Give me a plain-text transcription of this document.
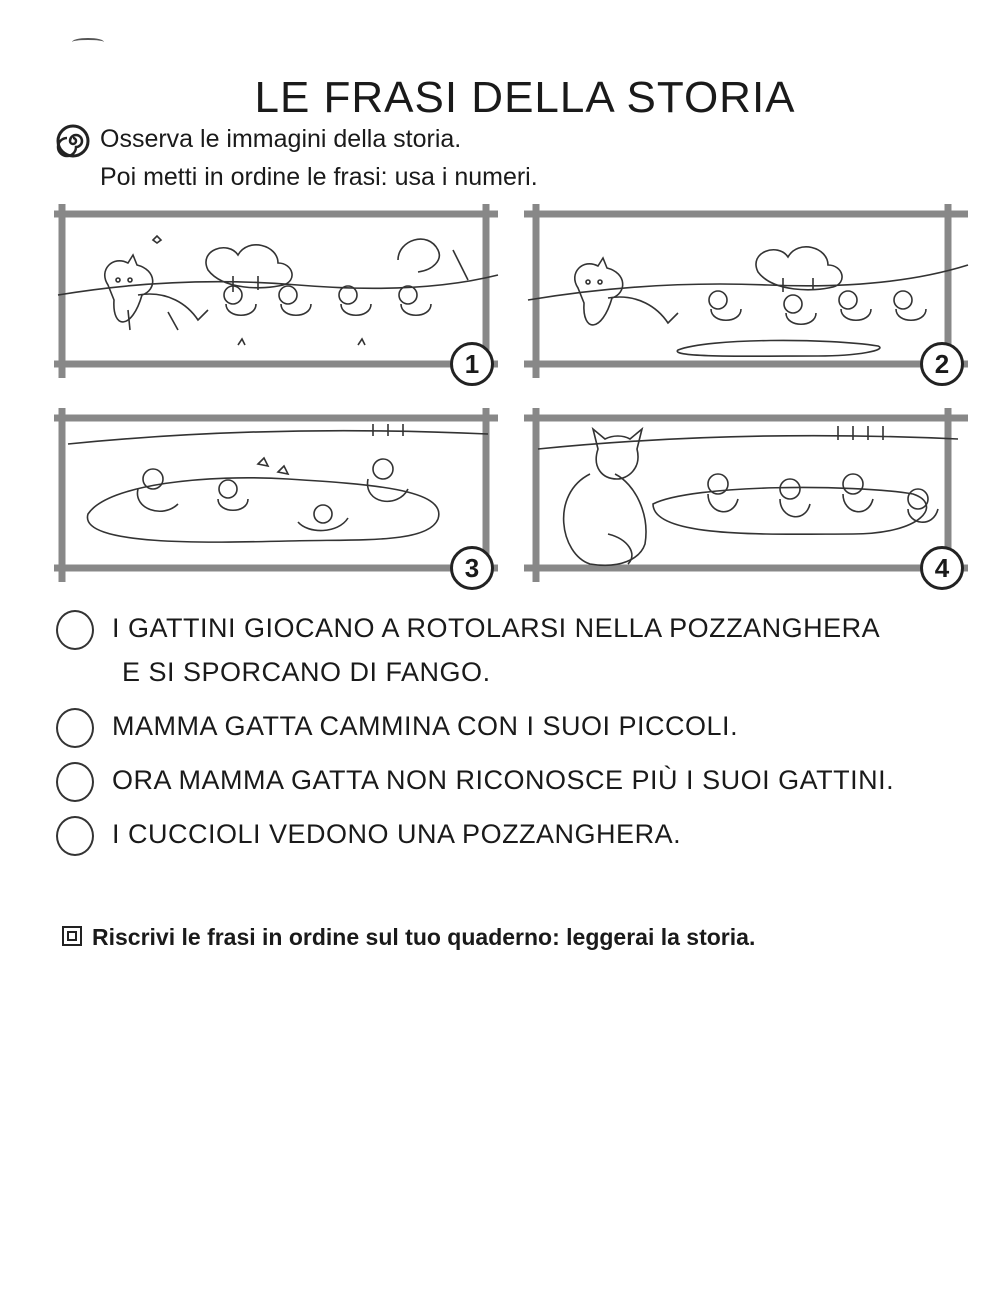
LE FRASI DELLA STORIA

Osserva le immagini della storia.

Poi metti in ordine le frasi: usa i numeri.

1	2
3	4
I GATTINI GIOCANO A ROTOLARSI NELLA POZZANGHERA
E SI SPORCANO DI FANGO.
MAMMA GATTA CAMMINA CON I SUOI PICCOLI.
ORA MAMMA GATTA NON RICONOSCE PIÙ I SUOI GATTINI.
I CUCCIOLI VEDONO UNA POZZANGHERA.
Riscrivi le frasi in ordine sul tuo quaderno: leggerai la storia.
